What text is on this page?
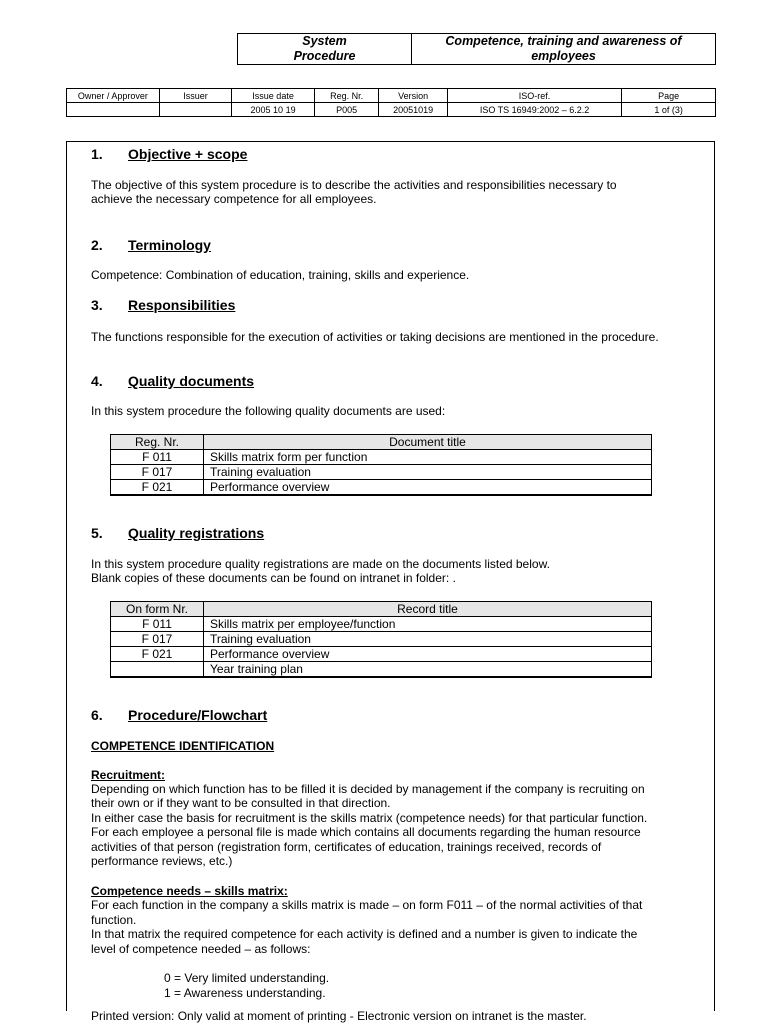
System Procedure
Competence, training and awareness of employees
Owner / Approver	Issuer	Issue date	Reg. Nr.	Version	ISO-ref.	Page
		2005 10 19	P005	20051019	ISO TS 16949:2002 – 6.2.2	1 of (3)
1.	Objective + scope
The objective of this system procedure is to describe the activities and responsibilities necessary to
achieve the necessary competence for all employees.
2.	Terminology
Competence: Combination of education, training, skills and experience.
3.	Responsibilities
The functions responsible for the execution of activities or taking decisions are mentioned in the procedure.
4.	Quality documents
In this system procedure the following quality documents are used:
Reg. Nr.	Document title
F 011	Skills matrix form per function
F 017	Training evaluation
F 021	Performance overview
5.	Quality registrations
In this system procedure quality registrations are made on the documents listed below.
Blank copies of these documents can be found on intranet in folder: .
On form Nr.	Record title
F 011	Skills matrix per employee/function
F 017	Training evaluation
F 021	Performance overview
	Year training plan
6.	Procedure/Flowchart
COMPETENCE IDENTIFICATION
Recruitment:
Depending on which function has to be filled it is decided by management if the company is recruiting on
their own or if they want to be consulted in that direction.
In either case the basis for recruitment is the skills matrix (competence needs) for that particular function.
For each employee a personal file is made which contains all documents regarding the human resource
activities of that person (registration form, certificates of education, trainings received, records of
performance reviews, etc.)
Competence needs – skills matrix:
For each function in the company a skills matrix is made – on form F011 – of the normal activities of that
function.
In that matrix the required competence for each activity is defined and a number is given to indicate the
level of competence needed – as follows:
0 = Very limited understanding.
1 = Awareness understanding.
Printed version: Only valid at moment of printing - Electronic version on intranet is the master.
